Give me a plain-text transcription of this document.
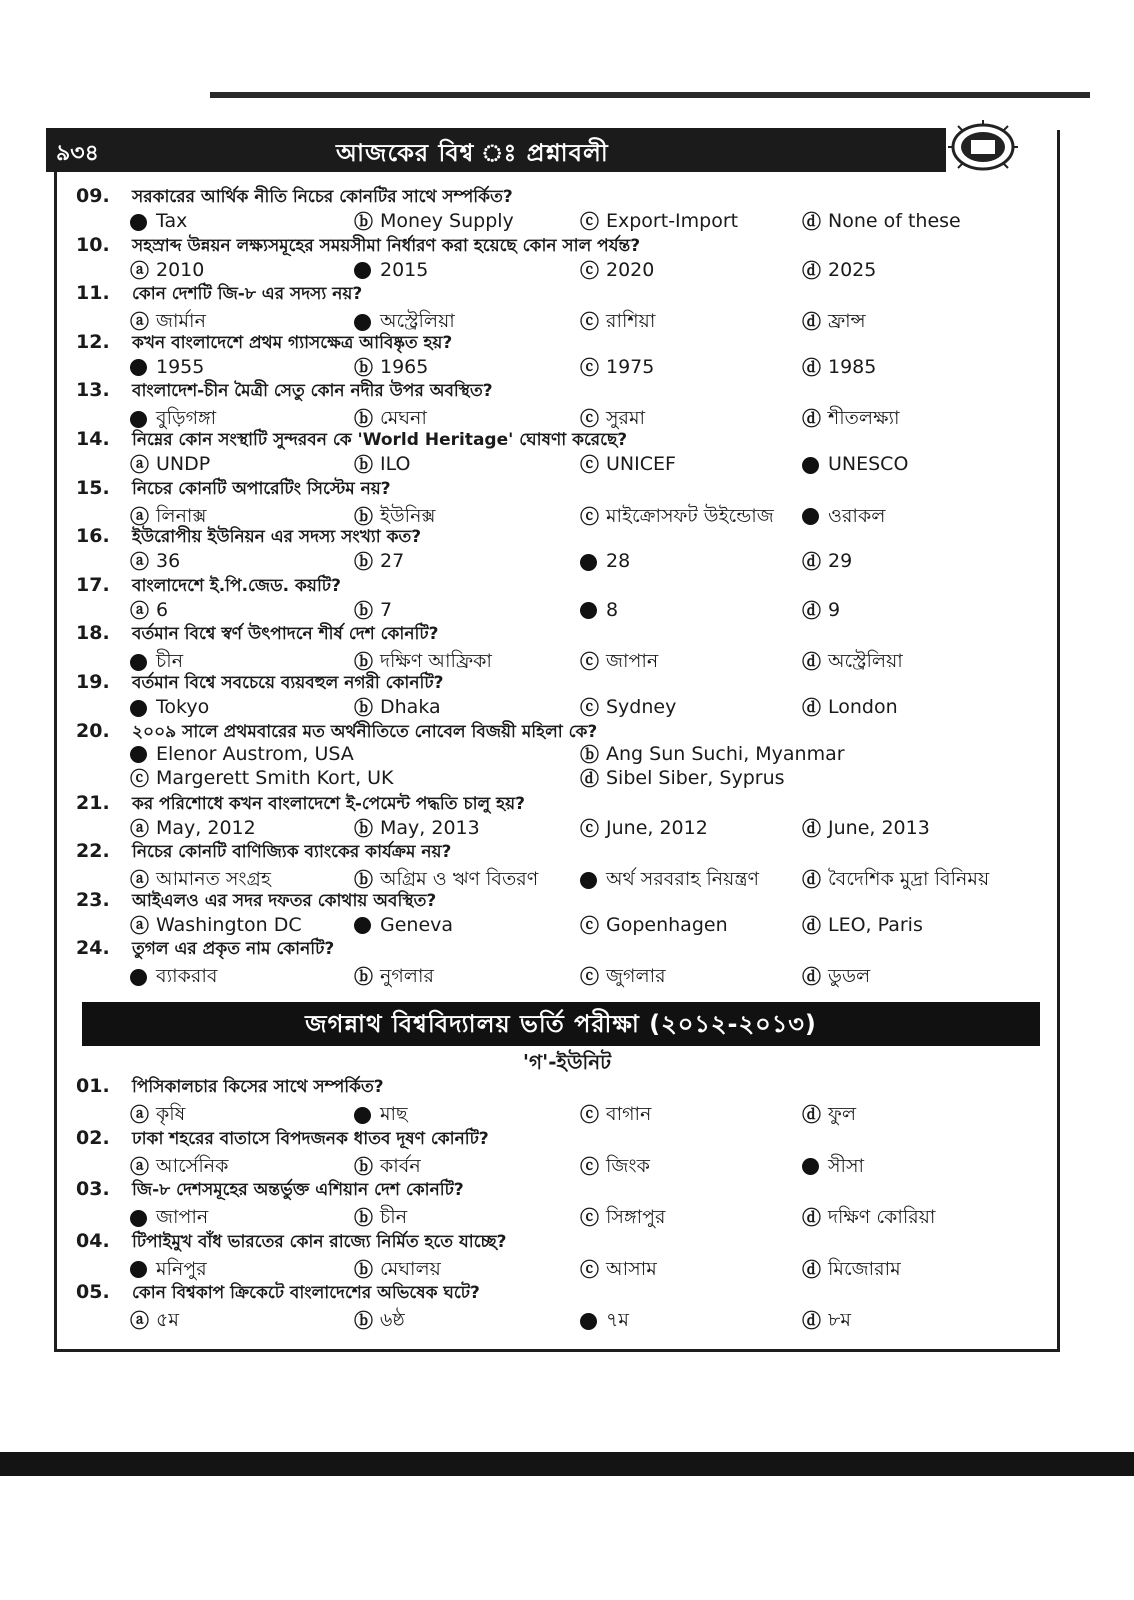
৯৩৪	আজকের বিশ্ব ঃ প্রশ্নাবলী
09. সরকারের আর্থিক নীতি নিচের কোনটির সাথে সম্পর্কিত?
Tax	ⓑ Money Supply	ⓒ Export-Import	ⓓ None of these
10. সহস্রাব্দ উন্নয়ন লক্ষ্যসমূহের সময়সীমা নির্ধারণ করা হয়েছে কোন সাল পর্যন্ত?
ⓐ 2010	2015	ⓒ 2020	ⓓ 2025
11. কোন দেশটি জি-৮ এর সদস্য নয়?
ⓐ জার্মান	অস্ট্রেলিয়া	ⓒ রাশিয়া	ⓓ ফ্রান্স
12. কখন বাংলাদেশে প্রথম গ্যাসক্ষেত্র আবিষ্কৃত হয়?
1955	ⓑ 1965	ⓒ 1975	ⓓ 1985
13. বাংলাদেশ-চীন মৈত্রী সেতু কোন নদীর উপর অবস্থিত?
বুড়িগঙ্গা	ⓑ মেঘনা	ⓒ সুরমা	ⓓ শীতলক্ষ্যা
14. নিম্নের কোন সংস্থাটি সুন্দরবন কে 'World Heritage' ঘোষণা করেছে?
ⓐ UNDP	ⓑ ILO	ⓒ UNICEF	UNESCO
15. নিচের কোনটি অপারেটিং সিস্টেম নয়?
ⓐ লিনাক্স	ⓑ ইউনিক্স	ⓒ মাইক্রোসফট উইন্ডোজ	ওরাকল
16. ইউরোপীয় ইউনিয়ন এর সদস্য সংখ্যা কত?
ⓐ 36	ⓑ 27	28	ⓓ 29
17. বাংলাদেশে ই.পি.জেড. কয়টি?
ⓐ 6	ⓑ 7	8	ⓓ 9
18. বর্তমান বিশ্বে স্বর্ণ উৎপাদনে শীর্ষ দেশ কোনটি?
চীন	ⓑ দক্ষিণ আফ্রিকা	ⓒ জাপান	ⓓ অস্ট্রেলিয়া
19. বর্তমান বিশ্বে সবচেয়ে ব্যয়বহুল নগরী কোনটি?
Tokyo	ⓑ Dhaka	ⓒ Sydney	ⓓ London
20. ২০০৯ সালে প্রথমবারের মত অর্থনীতিতে নোবেল বিজয়ী মহিলা কে?
Elenor Austrom, USA	ⓑ Ang Sun Suchi, Myanmar
ⓒ Margerett Smith Kort, UK	ⓓ Sibel Siber, Syprus
21. কর পরিশোধে কখন বাংলাদেশে ই-পেমেন্ট পদ্ধতি চালু হয়?
ⓐ May, 2012	ⓑ May, 2013	ⓒ June, 2012	ⓓ June, 2013
22. নিচের কোনটি বাণিজ্যিক ব্যাংকের কার্যক্রম নয়?
ⓐ আমানত সংগ্রহ	ⓑ অগ্রিম ও ঋণ বিতরণ	অর্থ সরবরাহ নিয়ন্ত্রণ ⓓ বৈদেশিক মুদ্রা বিনিময়
23. আইএলও এর সদর দফতর কোথায় অবস্থিত?
ⓐ Washington DC	Geneva	ⓒ Gopenhagen	ⓓ LEO, Paris
24. তুগল এর প্রকৃত নাম কোনটি?
ব্যাকরাব	ⓑ নুগলার	ⓒ জুগলার	ⓓ ডুডল
জগন্নাথ বিশ্ববিদ্যালয় ভর্তি পরীক্ষা (২০১২-২০১৩)
'গ'-ইউনিট
01. পিসিকালচার কিসের সাথে সম্পর্কিত?
ⓐ কৃষি	মাছ	ⓒ বাগান	ⓓ ফুল
02. ঢাকা শহরের বাতাসে বিপদজনক ধাতব দূষণ কোনটি?
ⓐ আর্সেনিক	ⓑ কার্বন	ⓒ জিংক	সীসা
03. জি-৮ দেশসমূহের অন্তর্ভুক্ত এশিয়ান দেশ কোনটি?
জাপান	ⓑ চীন	ⓒ সিঙ্গাপুর	ⓓ দক্ষিণ কোরিয়া
04. টিপাইমুখ বাঁধ ভারতের কোন রাজ্যে নির্মিত হতে যাচ্ছে?
মনিপুর	ⓑ মেঘালয়	ⓒ আসাম	ⓓ মিজোরাম
05. কোন বিশ্বকাপ ক্রিকেটে বাংলাদেশের অভিষেক ঘটে?
ⓐ ৫ম	ⓑ ৬ষ্ঠ	৭ম	ⓓ ৮ম
